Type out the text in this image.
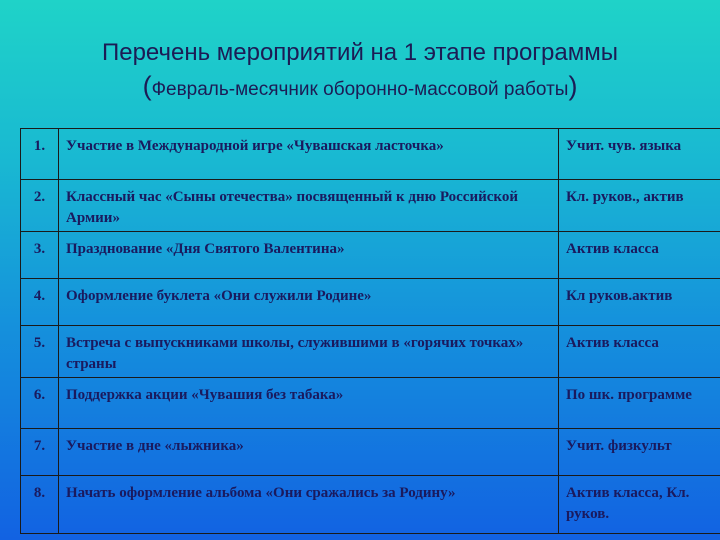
Перечень мероприятий на 1 этапе программы
(Февраль-месячник оборонно-массовой работы)
1.	Участие в Международной игре «Чувашская ласточка»	Учит. чув. языка
2.	Классный час «Сыны отечества» посвященный к дню Российской Армии»	Кл. руков., актив
3.	Празднование «Дня Святого Валентина»	Актив класса
4.	Оформление буклета «Они служили Родине»	Кл руков.актив
5.	Встреча с выпускниками школы, служившими в «горячих точках» страны	Актив класса
6.	Поддержка акции «Чувашия без табака»	По шк. программе
7.	Участие в дне «лыжника»	Учит. физкульт
8.	Начать оформление альбома «Они сражались за Родину»	Актив класса, Кл. руков.
